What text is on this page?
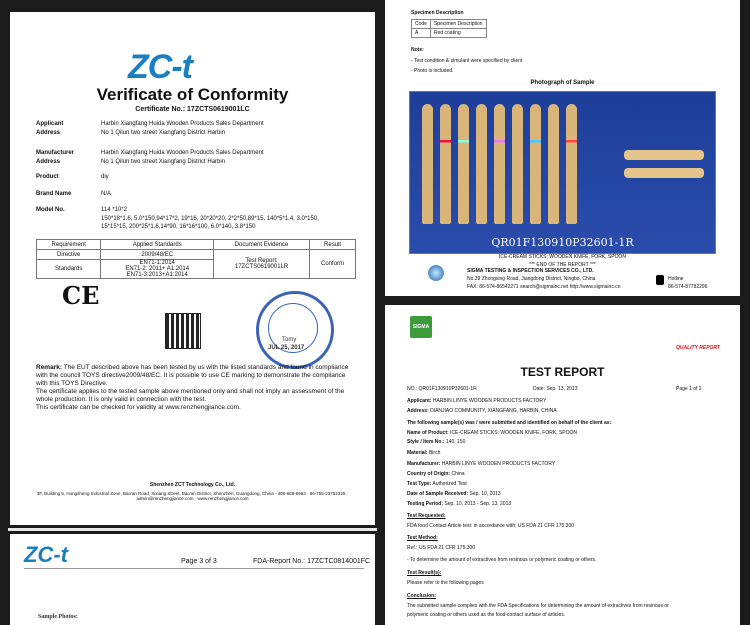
ZC-t
Verificate of Conformity
Certificate No.: 17ZCTS0619001LC
Applicant	Harbin Xiangfang Huida Wooden Products Sales Department
Address	No 1 Qilun two street Xiangfang District Harbin
Manufacturer	Harbin Xiangfang Huida Wooden Products Sales Department
Address	No 1 Qilun two street Xiangfang District Harbin
Product	diy
Brand Name	N/A
Model No.	114 *10*2
150*18*1.6, 5.0*150,94*17*2, 19*16, 20*20*20, 2*2*50,89*15, 140*5*1.4, 3.0*150,
15*15*15, 200*25*1.6,14*90, 16*16*100, 6.0*140, 3.8*150
Requirement	Applied Standards	Document Evidence	Result
Directive	2009/48/EC	Test Report:
17ZCTS0619001LR	Conform
Standards	EN71-1:2014
EN71-2: 2011+ A1:2014
EN71-3:2013+A1:2014		
CE
Tomy
JUL 25, 2017
Remark: The EUT described above has been tested by us with the listed standards and found in compliance with the council TOYS directive2009/48/EC. It is possible to use CE marking to demonstrate the compliance with this TOYS Directive.
The certificate applies to the tested sample above mentioned only and shall not imply an assessment of the whole production. It is only valid in connection with the test.
This certificate can be checked for validity at www.renzhengjiance.com.
Shenzhen ZCT Technology Co., Ltd.
3F, Building 5, Hongsheng Industrial Zone, Bao'an Road, Xixiang Street, Bao'an District, Shenzhen, Guangdong, China · 400-669-6963 · 86-755-23752325 · admin@renzhengjiance.com · www.renzhengjiance.com
ZC-t	Page 3 of 3	FDA-Report No.: 17ZCTC0814001FC
Sample Photos:
Specimen Description
Code	Specimen Description
A	Red coating
Note:
- Test condition & simulant were specified by client
- Photo is included.
Photograph of Sample
QR01F130910P32601-1R
ICE-CREAM STICKS; WOODEN KNIFE, FORK, SPOON
*** END OF THE REPORT ***
SIGMA TESTING & INSPECTION SERVICES CO., LTD.
No.39 Zhongxing Road, Jiangdong District, Ningbo, China
FAX: 86-574-86542271 search@sigmainc.net http://www.sigmainc.cn
Hotline
86-574-87782296
SIGMA
QUALITY REPORT
TEST REPORT
NO.: QR01F130910P32601-1R	Date: Sep. 13, 2013	Page 1 of 2
Applicant: HARBIN LINYE WOODEN PRODUCTS FACTORY
Address: DIANJIAO COMMUNITY, XIANGFANG, HARBIN, CHINA
The following sample(s) was / were submitted and identified on behalf of the client as:
Name of Product: ICE-CREAM STICKS; WOODEN KNIFE, FORK, SPOON
Style / Item No.: 140, 150
Material: Birch
Manufacturer: HARBIN LINYE WOODEN PRODUCTS FACTORY
Country of Origin: China
Test Type: Authorized Test
Date of Sample Received: Sep. 10, 2013
Testing Period: Sep. 10, 2013 - Sep. 13, 2013
Test Requested:
FDA food Contact Article test: in accordance with; US FDA 21 CFR 175.300
Test Method:
Ref.: US FDA 21 CFR 175.300
- To determine the amount of extractives from resinous or polymeric coating or others.
Test Result(s):
Please refer to the following pages
Conclusion:
The submitted sample complies with the FDA Specifications for determining the amount of extractives from resinous or
polymeric coating or others used as the food-contact surface of articles.
